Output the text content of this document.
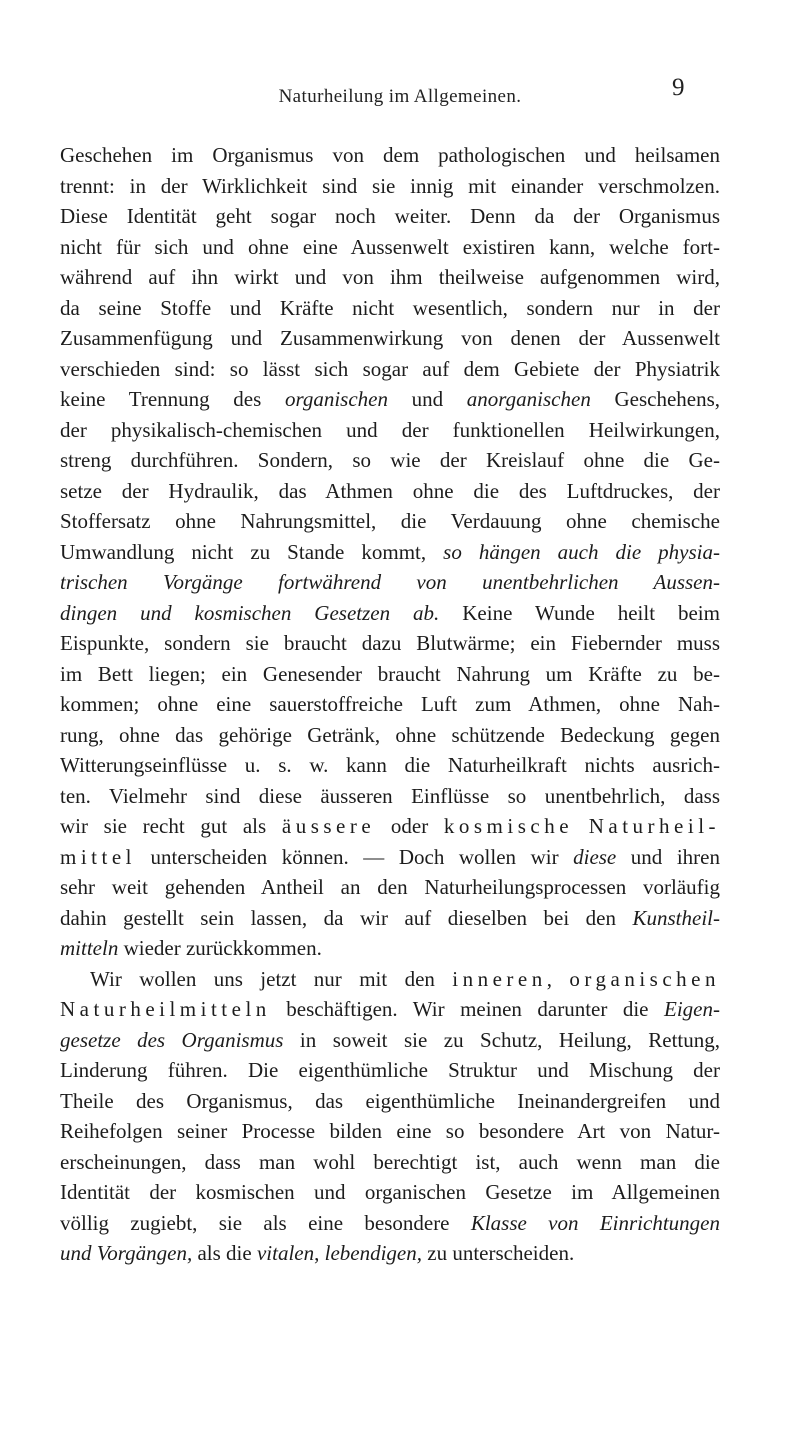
Naturheilung im Allgemeinen.	9
Geschehen im Organismus von dem pathologischen und heilsamen
trennt: in der Wirklichkeit sind sie innig mit einander verschmolzen.
Diese Identität geht sogar noch weiter. Denn da der Organismus
nicht für sich und ohne eine Aussenwelt existiren kann, welche fort-
während auf ihn wirkt und von ihm theilweise aufgenommen wird,
da seine Stoffe und Kräfte nicht wesentlich, sondern nur in der
Zusammenfügung und Zusammenwirkung von denen der Aussenwelt
verschieden sind: so lässt sich sogar auf dem Gebiete der Physiatrik
keine Trennung des organischen und anorganischen Geschehens,
der physikalisch-chemischen und der funktionellen Heilwirkungen,
streng durchführen. Sondern, so wie der Kreislauf ohne die Ge-
setze der Hydraulik, das Athmen ohne die des Luftdruckes, der
Stoffersatz ohne Nahrungsmittel, die Verdauung ohne chemische
Umwandlung nicht zu Stande kommt, so hängen auch die physia-
trischen Vorgänge fortwährend von unentbehrlichen Aussen-
dingen und kosmischen Gesetzen ab. Keine Wunde heilt beim
Eispunkte, sondern sie braucht dazu Blutwärme; ein Fiebernder muss
im Bett liegen; ein Genesender braucht Nahrung um Kräfte zu be-
kommen; ohne eine sauerstoffreiche Luft zum Athmen, ohne Nah-
rung, ohne das gehörige Getränk, ohne schützende Bedeckung gegen
Witterungseinflüsse u. s. w. kann die Naturheilkraft nichts ausrich-
ten. Vielmehr sind diese äusseren Einflüsse so unentbehrlich, dass
wir sie recht gut als äussere oder kosmische Naturheil-
mittel unterscheiden können. — Doch wollen wir diese und ihren
sehr weit gehenden Antheil an den Naturheilungsprocessen vorläufig
dahin gestellt sein lassen, da wir auf dieselben bei den Kunstheil-
mitteln wieder zurückkommen.
Wir wollen uns jetzt nur mit den inneren, organischen
Naturheilmitteln beschäftigen. Wir meinen darunter die Eigen-
gesetze des Organismus in soweit sie zu Schutz, Heilung, Rettung,
Linderung führen. Die eigenthümliche Struktur und Mischung der
Theile des Organismus, das eigenthümliche Ineinandergreifen und
Reihefolgen seiner Processe bilden eine so besondere Art von Natur-
erscheinungen, dass man wohl berechtigt ist, auch wenn man die
Identität der kosmischen und organischen Gesetze im Allgemeinen
völlig zugiebt, sie als eine besondere Klasse von Einrichtungen
und Vorgängen, als die vitalen, lebendigen, zu unterscheiden.
